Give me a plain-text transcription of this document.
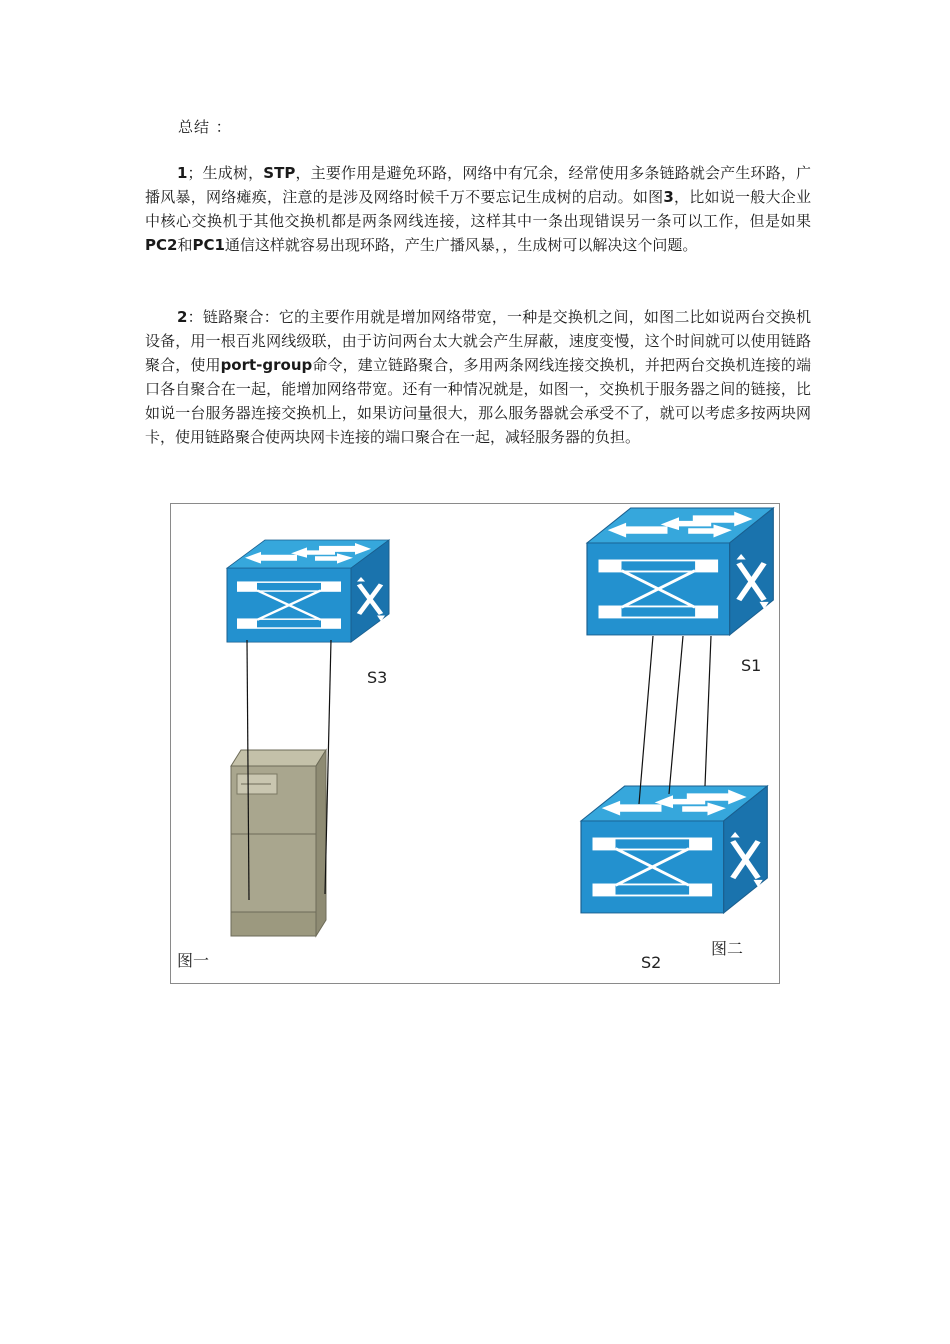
总结 ：

1；生成树，STP，主要作用是避免环路，网络中有冗余，经常使用多条链路就会产生环路，广播风暴，网络瘫痪，注意的是涉及网络时候千万不要忘记生成树的启动。如图3，比如说一般大企业中核心交换机于其他交换机都是两条网线连接，这样其中一条出现错误另一条可以工作，但是如果PC2和PC1通信这样就容易出现环路，产生广播风暴，，生成树可以解决这个问题。

2：链路聚合：它的主要作用就是增加网络带宽，一种是交换机之间，如图二比如说两台交换机设备，用一根百兆网线级联，由于访问两台太大就会产生屏蔽，速度变慢，这个时间就可以使用链路聚合，使用port-group命令，建立链路聚合，多用两条网线连接交换机，并把两台交换机连接的端口各自聚合在一起，能增加网络带宽。还有一种情况就是，如图一，交换机于服务器之间的链接，比如说一台服务器连接交换机上，如果访问量很大，那么服务器就会承受不了，就可以考虑多按两块网卡，使用链路聚合使两块网卡连接的端口聚合在一起，减轻服务器的负担。

S3
图一
S1
S2
图二
